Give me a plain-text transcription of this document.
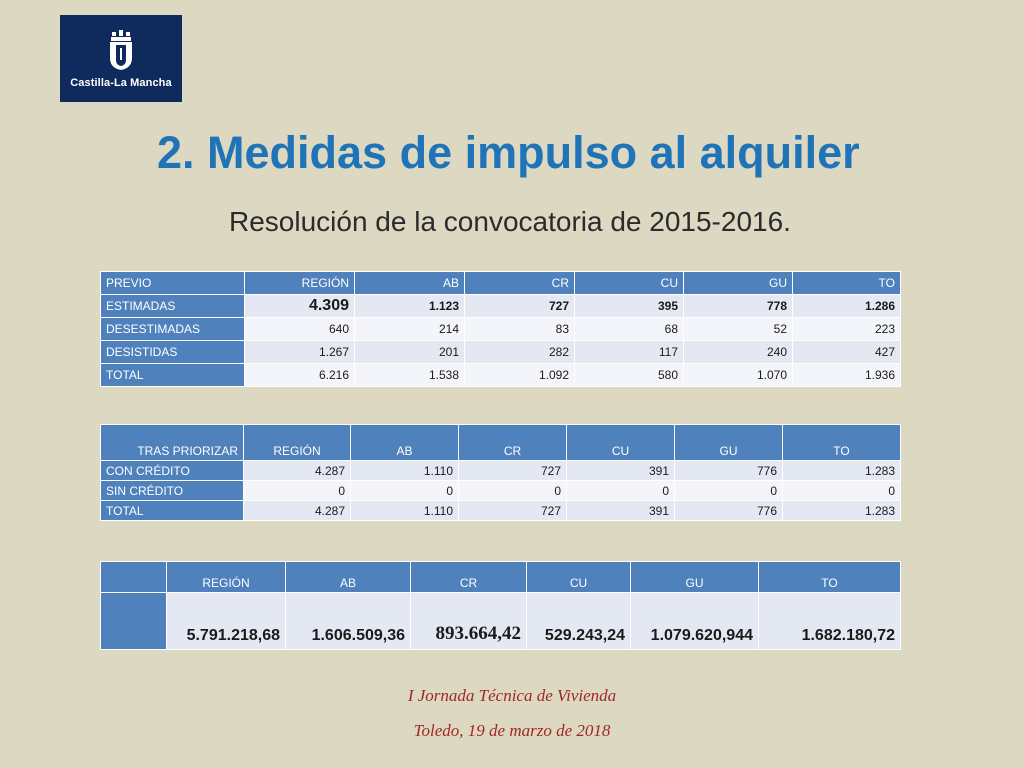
Castilla-La Mancha
2. Medidas de impulso al alquiler
Resolución de la convocatoria de 2015-2016.
PREVIO	REGIÓN	AB	CR	CU	GU	TO
ESTIMADAS	4.309	1.123	727	395	778	1.286
DESESTIMADAS	640	214	83	68	52	223
DESISTIDAS	1.267	201	282	117	240	427
TOTAL	6.216	1.538	1.092	580	1.070	1.936
TRAS PRIORIZAR	REGIÓN	AB	CR	CU	GU	TO
CON CRÉDITO	4.287	1.110	727	391	776	1.283
SIN CRÉDITO	0	0	0	0	0	0
TOTAL	4.287	1.110	727	391	776	1.283
	REGIÓN	AB	CR	CU	GU	TO
	5.791.218,68	1.606.509,36	893.664,42	529.243,24	1.079.620,944	1.682.180,72
I Jornada Técnica de Vivienda
Toledo, 19 de marzo de 2018
